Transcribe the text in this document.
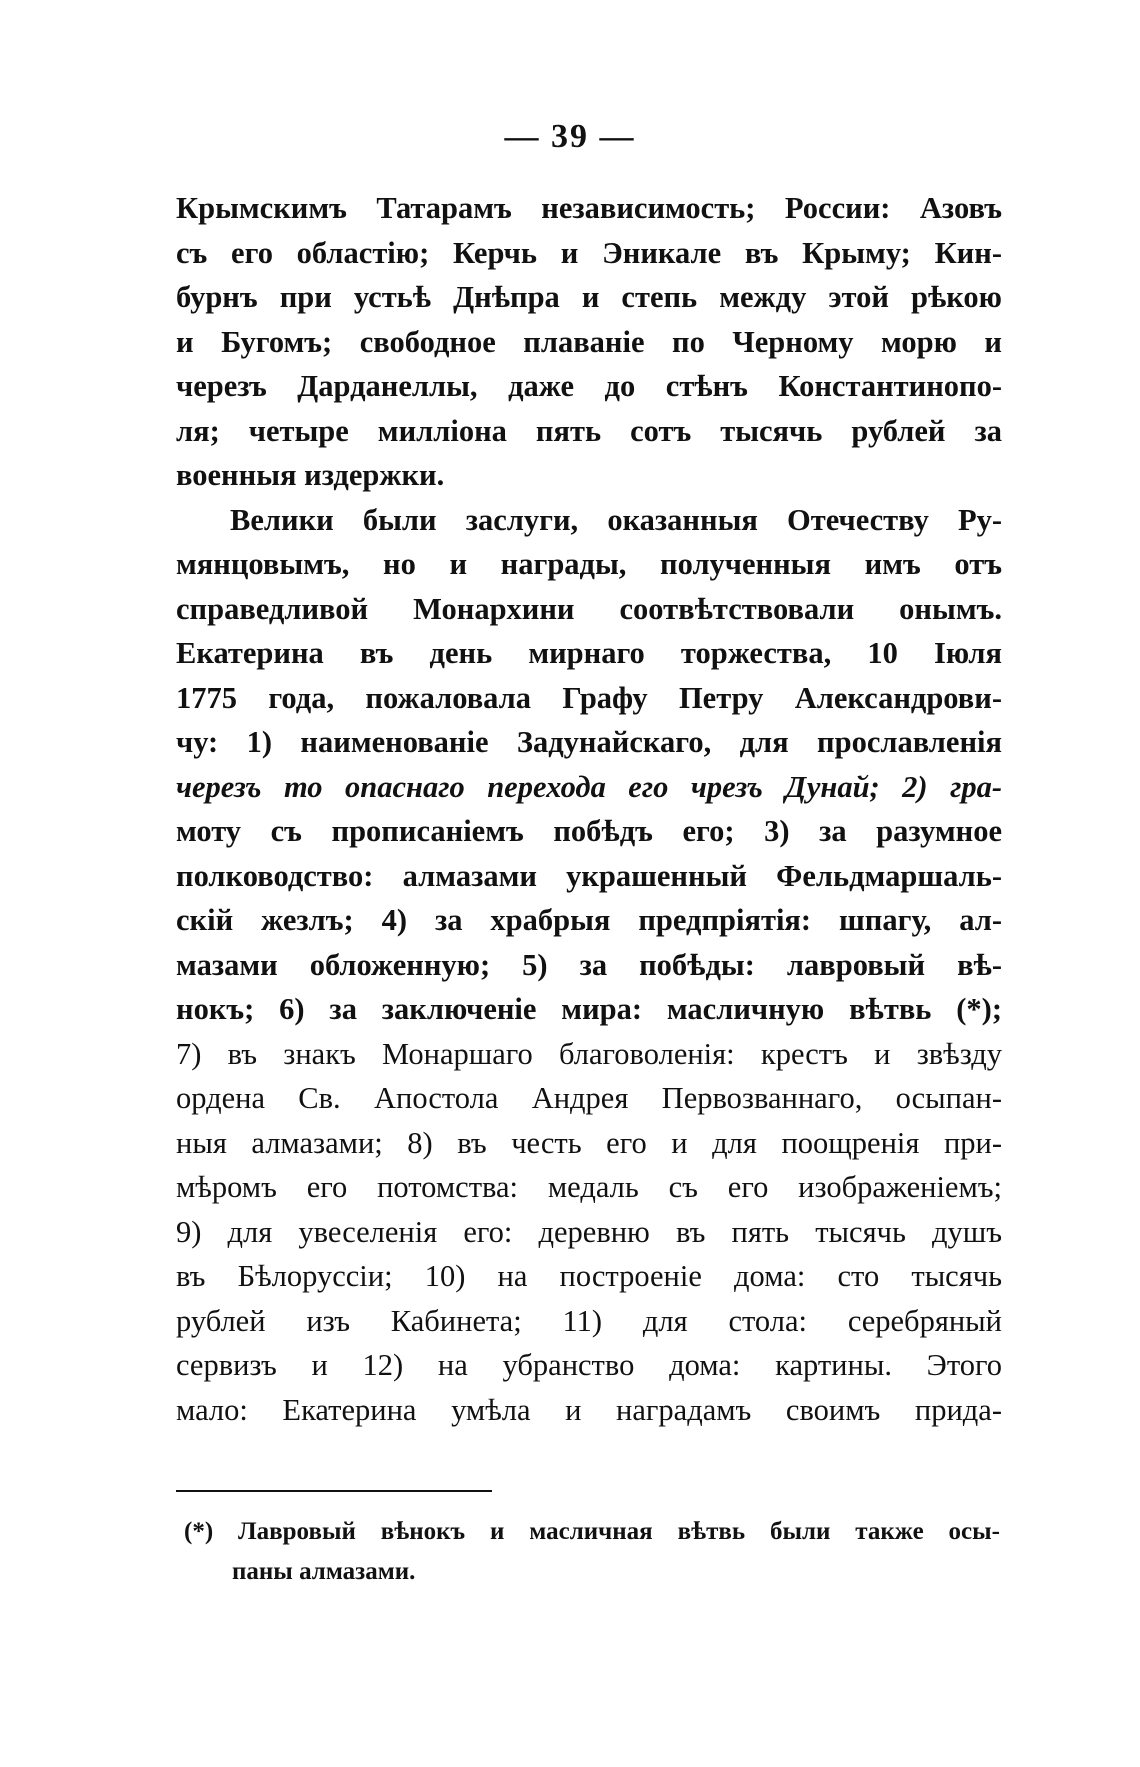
— 39 —
Крымскимъ Татарамъ независимость; России: Азовъ
съ его областію; Керчь и Эникале въ Крыму; Кин-
бурнъ при устьѣ Днѣпра и степь между этой рѣкою
и Бугомъ; свободное плаваніе по Черному морю и
черезъ Дарданеллы, даже до стѣнъ Константинопо-
ля; четыре милліона пять сотъ тысячь рублей за
военныя издержки.
Велики были заслуги, оказанныя Отечеству Ру-
мянцовымъ, но и награды, полученныя имъ отъ
справедливой Монархини соотвѣтствовали онымъ.
Екатерина въ день мирнаго торжества, 10 Іюля
1775 года, пожаловала Графу Петру Александрови-
чу: 1) наименованіе Задунайскаго, для прославленія
черезъ то опаснаго перехода его чрезъ Дунай; 2) гра-
моту съ прописаніемъ побѣдъ его; 3) за разумное
полководство: алмазами украшенный Фельдмаршаль-
скій жезлъ; 4) за храбрыя предпріятія: шпагу, ал-
мазами обложенную; 5) за побѣды: лавровый вѣ-
нокъ; 6) за заключеніе мира: масличную вѣтвь (*);
7) въ знакъ Монаршаго благоволенія: крестъ и звѣзду
ордена Св. Апостола Андрея Первозваннаго, осыпан-
ныя алмазами; 8) въ честь его и для поощренія при-
мѣромъ его потомства: медаль съ его изображеніемъ;
9) для увеселенія его: деревню въ пять тысячь душъ
въ Бѣлоруссіи; 10) на построеніе дома: сто тысячь
рублей изъ Кабинета; 11) для стола: серебряный
сервизъ и 12) на убранство дома: картины. Этого
мало: Екатерина умѣла и наградамъ своимъ прида-
(*) Лавровый вѣнокъ и масличная вѣтвь были также осы-
паны алмазами.
